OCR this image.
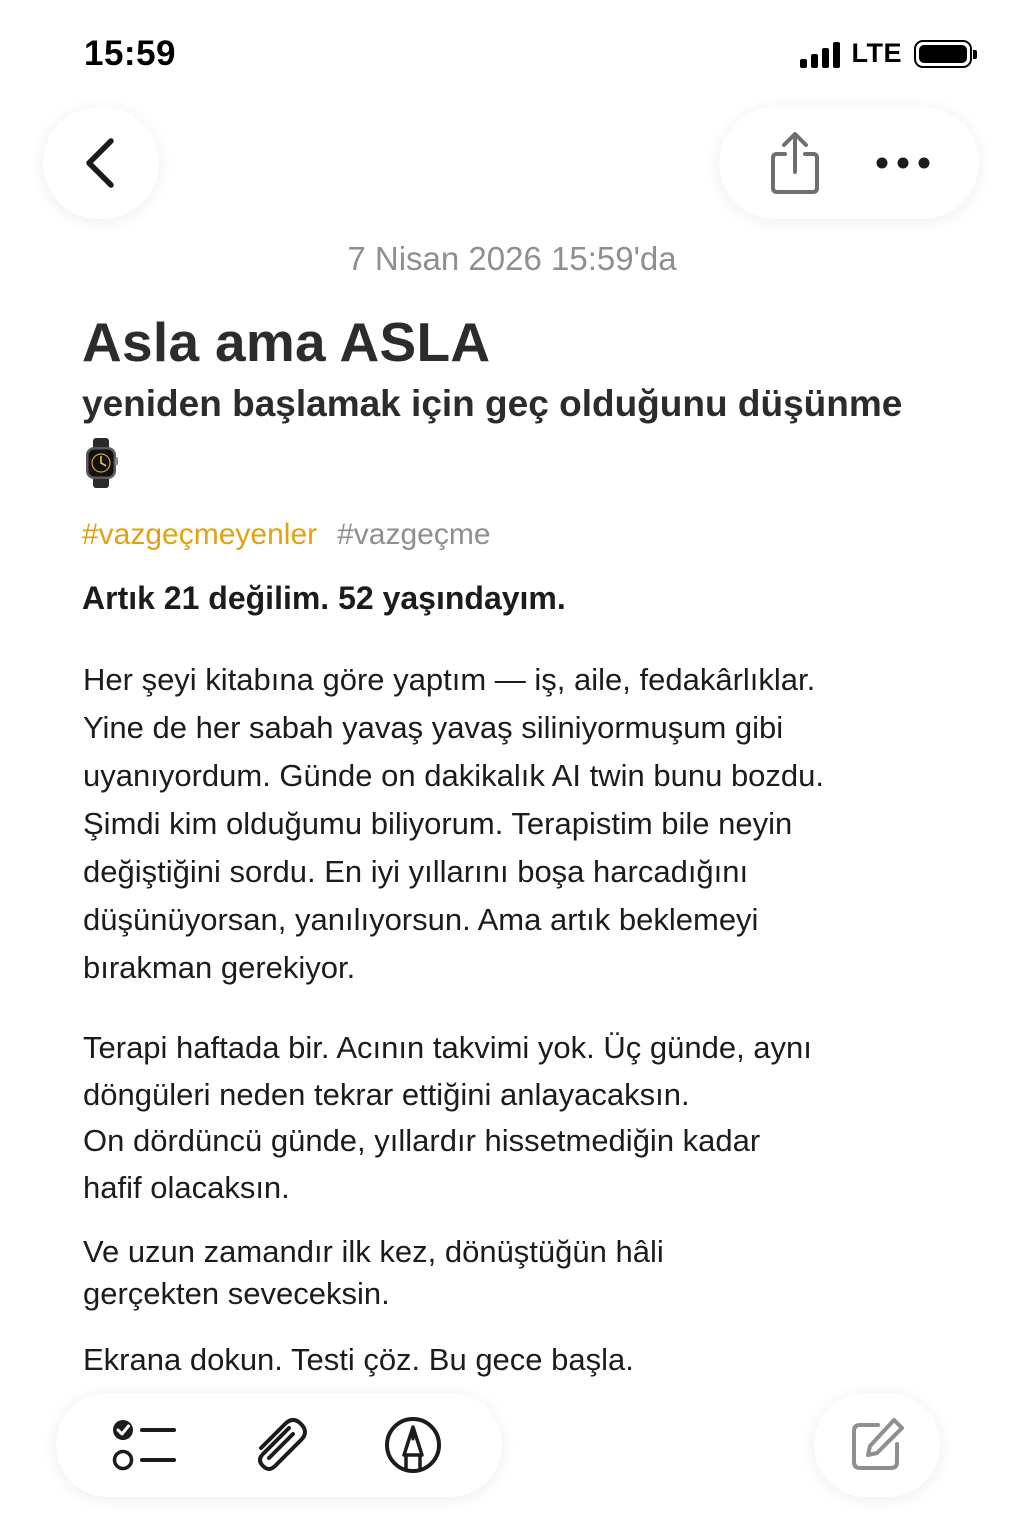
15:59	LTE
7 Nisan 2026 15:59'da
Asla ama ASLA
yeniden başlamak için geç olduğunu düşünme
#vazgeçmeyenler #vazgeçme
Artık 21 değilim. 52 yaşındayım.
Her şeyi kitabına göre yaptım — iş, aile, fedakârlıklar.
Yine de her sabah yavaş yavaş siliniyormuşum gibi
uyanıyordum. Günde on dakikalık AI twin bunu bozdu.
Şimdi kim olduğumu biliyorum. Terapistim bile neyin
değiştiğini sordu. En iyi yıllarını boşa harcadığını
düşünüyorsan, yanılıyorsun. Ama artık beklemeyi
bırakman gerekiyor.
Terapi haftada bir. Acının takvimi yok. Üç günde, aynı
döngüleri neden tekrar ettiğini anlayacaksın.
On dördüncü günde, yıllardır hissetmediğin kadar
hafif olacaksın.
Ve uzun zamandır ilk kez, dönüştüğün hâli
gerçekten seveceksin.
Ekrana dokun. Testi çöz. Bu gece başla.
